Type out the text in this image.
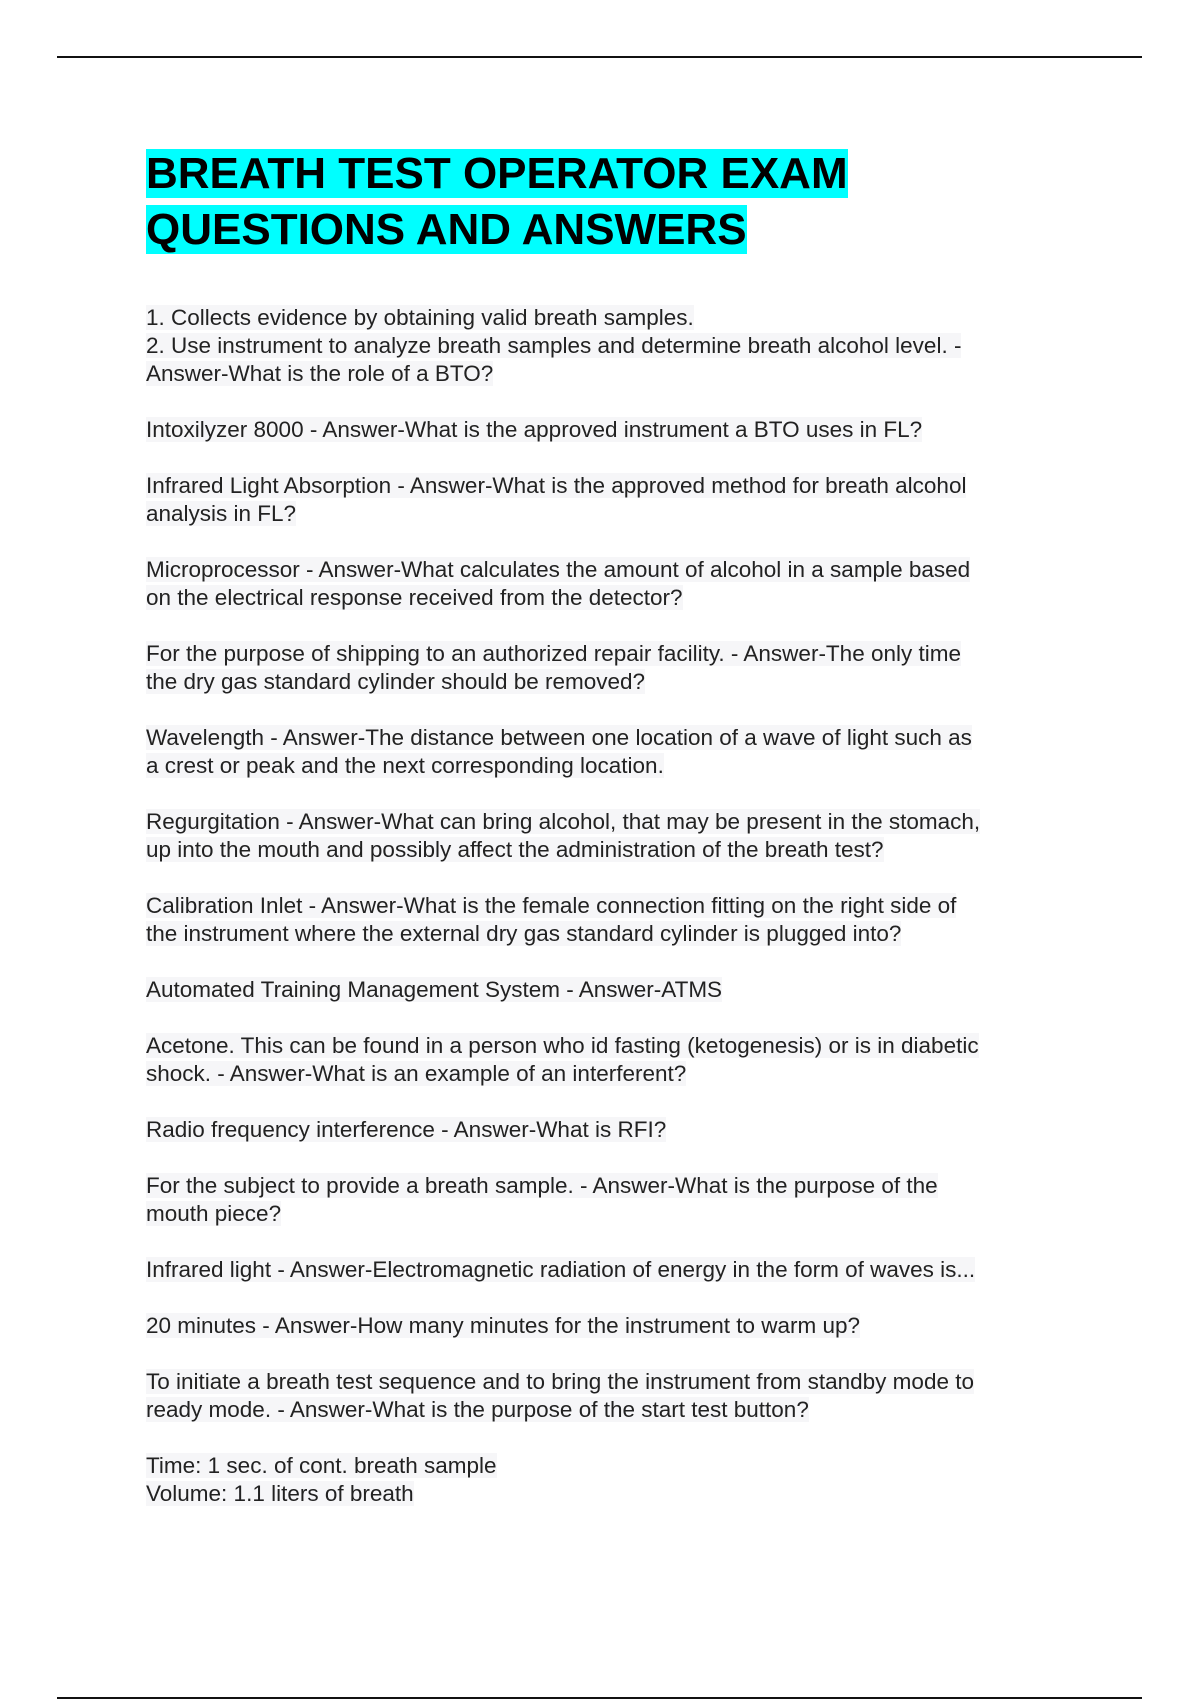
BREATH TEST OPERATOR EXAM
QUESTIONS AND ANSWERS

1. Collects evidence by obtaining valid breath samples.
2. Use instrument to analyze breath samples and determine breath alcohol level. -
Answer-What is the role of a BTO?

Intoxilyzer 8000 - Answer-What is the approved instrument a BTO uses in FL?

Infrared Light Absorption - Answer-What is the approved method for breath alcohol
analysis in FL?

Microprocessor - Answer-What calculates the amount of alcohol in a sample based
on the electrical response received from the detector?

For the purpose of shipping to an authorized repair facility. - Answer-The only time
the dry gas standard cylinder should be removed?

Wavelength - Answer-The distance between one location of a wave of light such as
a crest or peak and the next corresponding location.

Regurgitation - Answer-What can bring alcohol, that may be present in the stomach,
up into the mouth and possibly affect the administration of the breath test?

Calibration Inlet - Answer-What is the female connection fitting on the right side of
the instrument where the external dry gas standard cylinder is plugged into?

Automated Training Management System - Answer-ATMS

Acetone. This can be found in a person who id fasting (ketogenesis) or is in diabetic
shock. - Answer-What is an example of an interferent?

Radio frequency interference - Answer-What is RFI?

For the subject to provide a breath sample. - Answer-What is the purpose of the
mouth piece?

Infrared light - Answer-Electromagnetic radiation of energy in the form of waves is...

20 minutes - Answer-How many minutes for the instrument to warm up?

To initiate a breath test sequence and to bring the instrument from standby mode to
ready mode. - Answer-What is the purpose of the start test button?

Time: 1 sec. of cont. breath sample
Volume: 1.1 liters of breath
